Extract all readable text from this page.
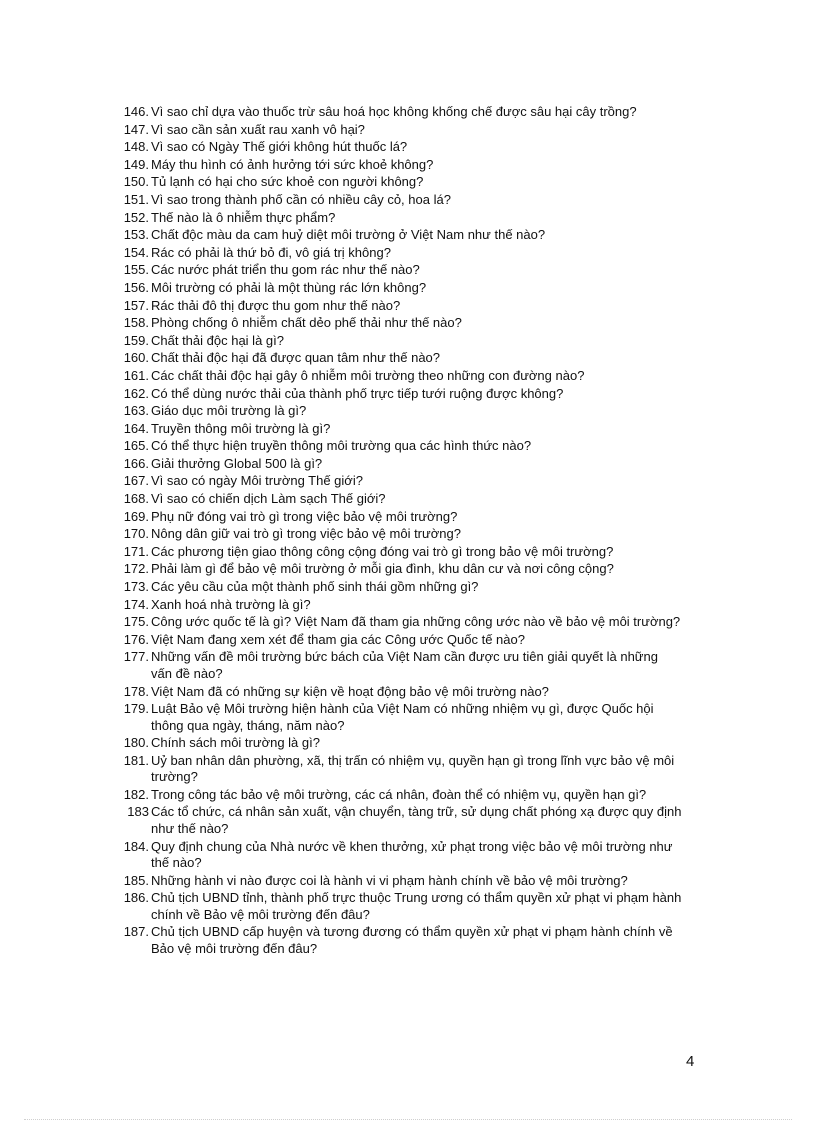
146. Vì sao chỉ dựa vào thuốc trừ sâu hoá học không khống chế được sâu hại cây trồng?
147. Vì sao cần sản xuất rau xanh vô hại?
148. Vì sao có Ngày Thế giới không hút thuốc lá?
149. Máy thu hình có ảnh hưởng tới sức khoẻ không?
150. Tủ lạnh có hại cho sức khoẻ con người không?
151. Vì sao trong thành phố cần có nhiều cây cỏ, hoa lá?
152. Thế nào là ô nhiễm thực phẩm?
153. Chất độc màu da cam huỷ diệt môi trường ở Việt Nam như thế nào?
154. Rác có phải là thứ bỏ đi, vô giá trị không?
155. Các nước phát triển thu gom rác như thế nào?
156. Môi trường có phải là một thùng rác lớn không?
157. Rác thải đô thị được thu gom như thế nào?
158. Phòng chống ô nhiễm chất dẻo phế thải như thế nào?
159. Chất thải độc hại là gì?
160. Chất thải độc hại đã được quan tâm như thế nào?
161. Các chất thải độc hại gây ô nhiễm môi trường theo những con đường nào?
162. Có thể dùng nước thải của thành phố trực tiếp tưới ruộng được không?
163. Giáo dục môi trường là gì?
164. Truyền thông môi trường là gì?
165. Có thể thực hiện truyền thông môi trường qua các hình thức nào?
166. Giải thưởng Global 500 là gì?
167. Vì sao có ngày Môi trường Thế giới?
168. Vì sao có chiến dịch Làm sạch Thế giới?
169. Phụ nữ đóng vai trò gì trong việc bảo vệ môi trường?
170. Nông dân giữ vai trò gì trong việc bảo vệ môi trường?
171. Các phương tiện giao thông công cộng đóng vai trò gì trong bảo vệ môi trường?
172. Phải làm gì để bảo vệ môi trường ở mỗi gia đình, khu dân cư và nơi công cộng?
173. Các yêu cầu của một thành phố sinh thái gồm những gì?
174. Xanh hoá nhà trường là gì?
175. Công ước quốc tế là gì? Việt Nam đã tham gia những công ước nào về bảo vệ môi trường?
176. Việt Nam đang xem xét để tham gia các Công ước Quốc tế nào?
177. Những vấn đề môi trường bức bách của Việt Nam cần được ưu tiên giải quyết là những vấn đề nào?
178. Việt Nam đã có những sự kiện về hoạt động bảo vệ môi trường nào?
179. Luật Bảo vệ Môi trường hiện hành của Việt Nam có những nhiệm vụ gì, được Quốc hội thông qua ngày, tháng, năm nào?
180. Chính sách môi trường là gì?
181. Uỷ ban nhân dân phường, xã, thị trấn có nhiệm vụ, quyền hạn gì trong lĩnh vực bảo vệ môi trường?
182. Trong công tác bảo vệ môi trường, các cá nhân, đoàn thể có nhiệm vụ, quyền hạn gì?
183 Các tổ chức, cá nhân sản xuất, vận chuyển, tàng trữ, sử dụng chất phóng xạ được quy định như thế nào?
184. Quy định chung của Nhà nước về khen thưởng, xử phạt trong việc bảo vệ môi trường như thế nào?
185. Những hành vi nào được coi là hành vi vi phạm hành chính về bảo vệ môi trường?
186. Chủ tịch UBND tỉnh, thành phố trực thuộc Trung ương có thẩm quyền xử phạt vi phạm hành chính về Bảo vệ môi trường đến đâu?
187. Chủ tịch UBND cấp huyện và tương đương có thẩm quyền xử phạt vi phạm hành chính về Bảo vệ môi trường đến đâu?
4
